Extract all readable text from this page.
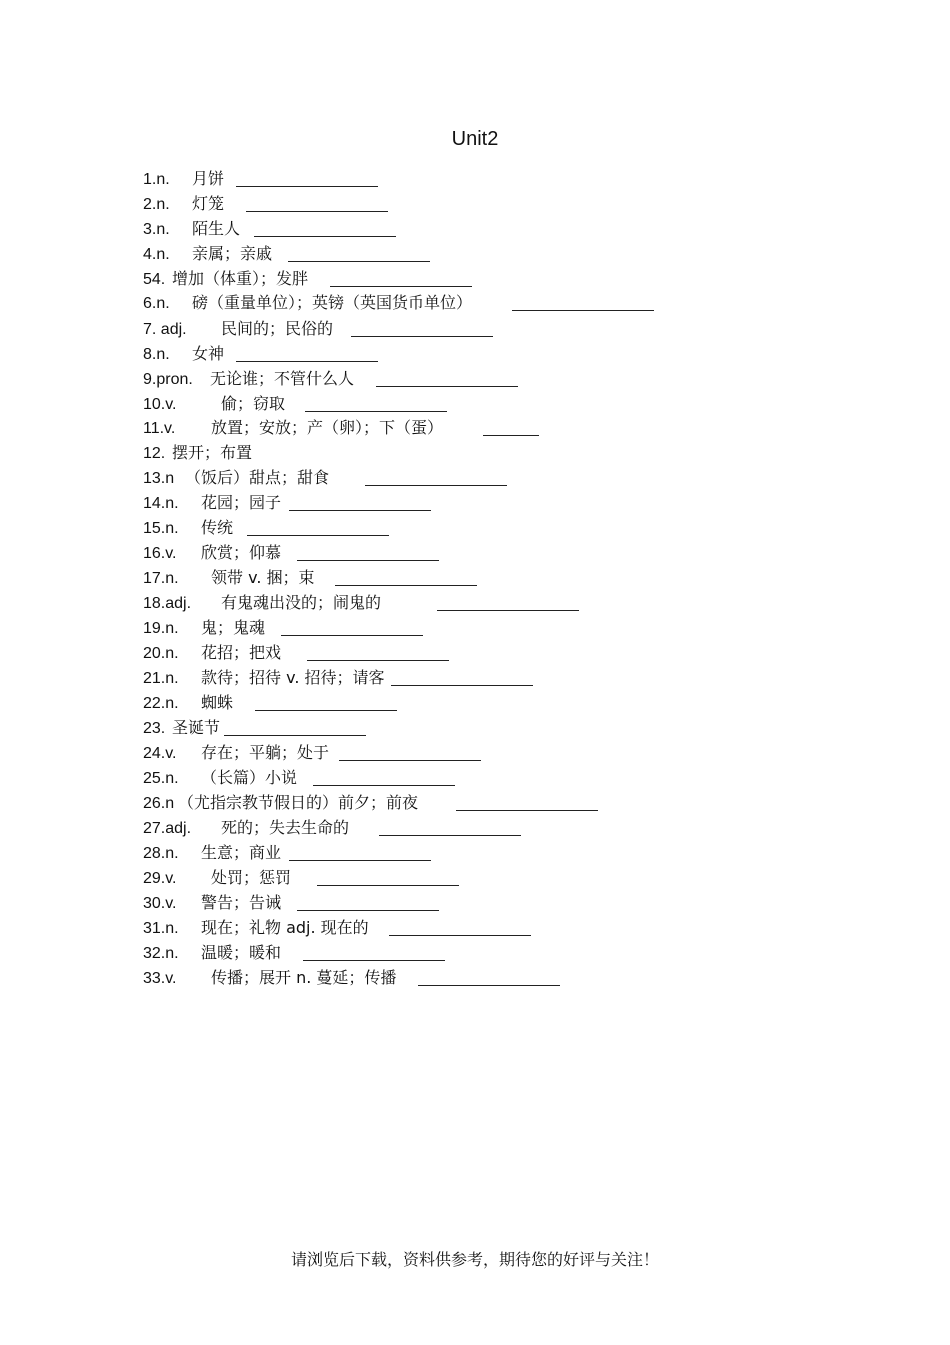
Unit2
1.n. 月饼
2.n. 灯笼
3.n. 陌生人
4.n. 亲属；亲戚
54. 增加（体重）；发胖
6.n. 磅（重量单位）；英镑（英国货币单位）
7. adj. 民间的；民俗的
8.n. 女神
9.pron. 无论谁；不管什么人
10.v.	偷；窃取
11.v. 放置；安放；产（卵）；下（蛋）
12. 摆开；布置
13.n （饭后）甜点；甜食
14.n. 花园；园子
15.n. 传统
16.v. 欣赏；仰慕
17.n. 领带 v. 捆；束
18.adj. 有鬼魂出没的；闹鬼的
19.n. 鬼；鬼魂
20.n. 花招；把戏
21.n. 款待；招待 v. 招待；请客
22.n. 蜘蛛
23. 圣诞节
24.v. 存在；平躺；处于
25.n. （长篇）小说
26.n （尤指宗教节假日的）前夕；前夜
27.adj. 死的；失去生命的
28.n. 生意；商业
29.v. 处罚；惩罚
30.v. 警告；告诫
31.n. 现在；礼物 adj. 现在的
32.n. 温暖；暖和
33.v. 传播；展开 n. 蔓延；传播
请浏览后下载，资料供参考，期待您的好评与关注！
